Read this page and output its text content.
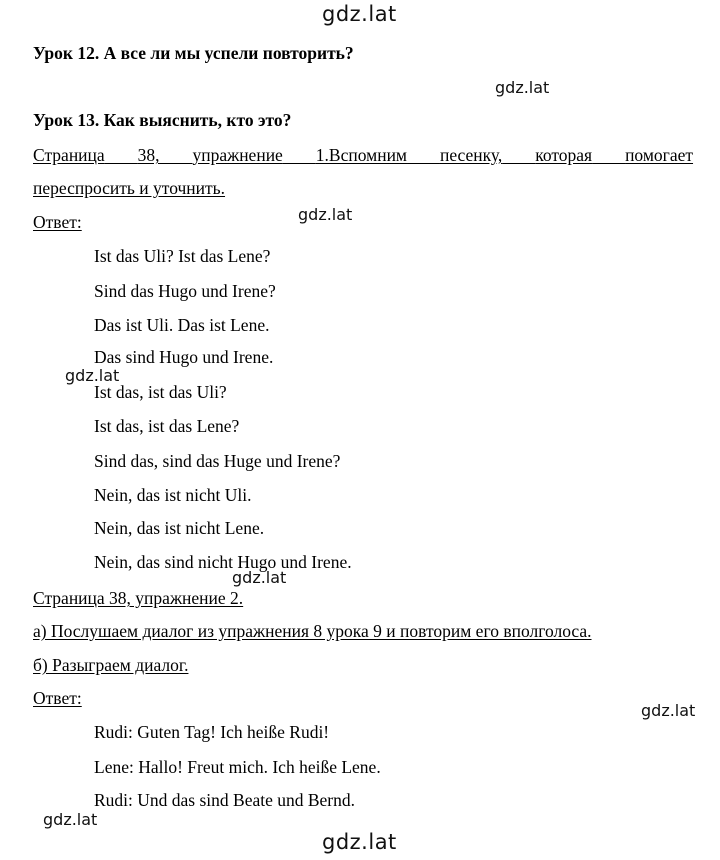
gdz.lat
gdz.lat
gdz.lat
gdz.lat
gdz.lat
gdz.lat
gdz.lat
gdz.lat
Урок 12. А все ли мы успели повторить?
Урок 13. Как выяснить, кто это?
Страница 38, упражнение 1.Вспомним песенку, которая помогает
переспросить и уточнить.
Ответ:
Ist das Uli? Ist das Lene?
Sind das Hugo und Irene?
Das ist Uli. Das ist Lene.
Das sind Hugo und Irene.
Ist das, ist das Uli?
Ist das, ist das Lene?
Sind das, sind das Huge und Irene?
Nein, das ist nicht Uli.
Nein, das ist nicht Lene.
Nein, das sind nicht Hugo und Irene.
Страница 38, упражнение 2.
а) Послушаем диалог из упражнения 8 урока 9 и повторим его вполголоса.
б) Разыграем диалог.
Ответ:
Rudi: Guten Tag! Ich heiße Rudi!
Lene: Hallo! Freut mich. Ich heiße Lene.
Rudi: Und das sind Beate und Bernd.
